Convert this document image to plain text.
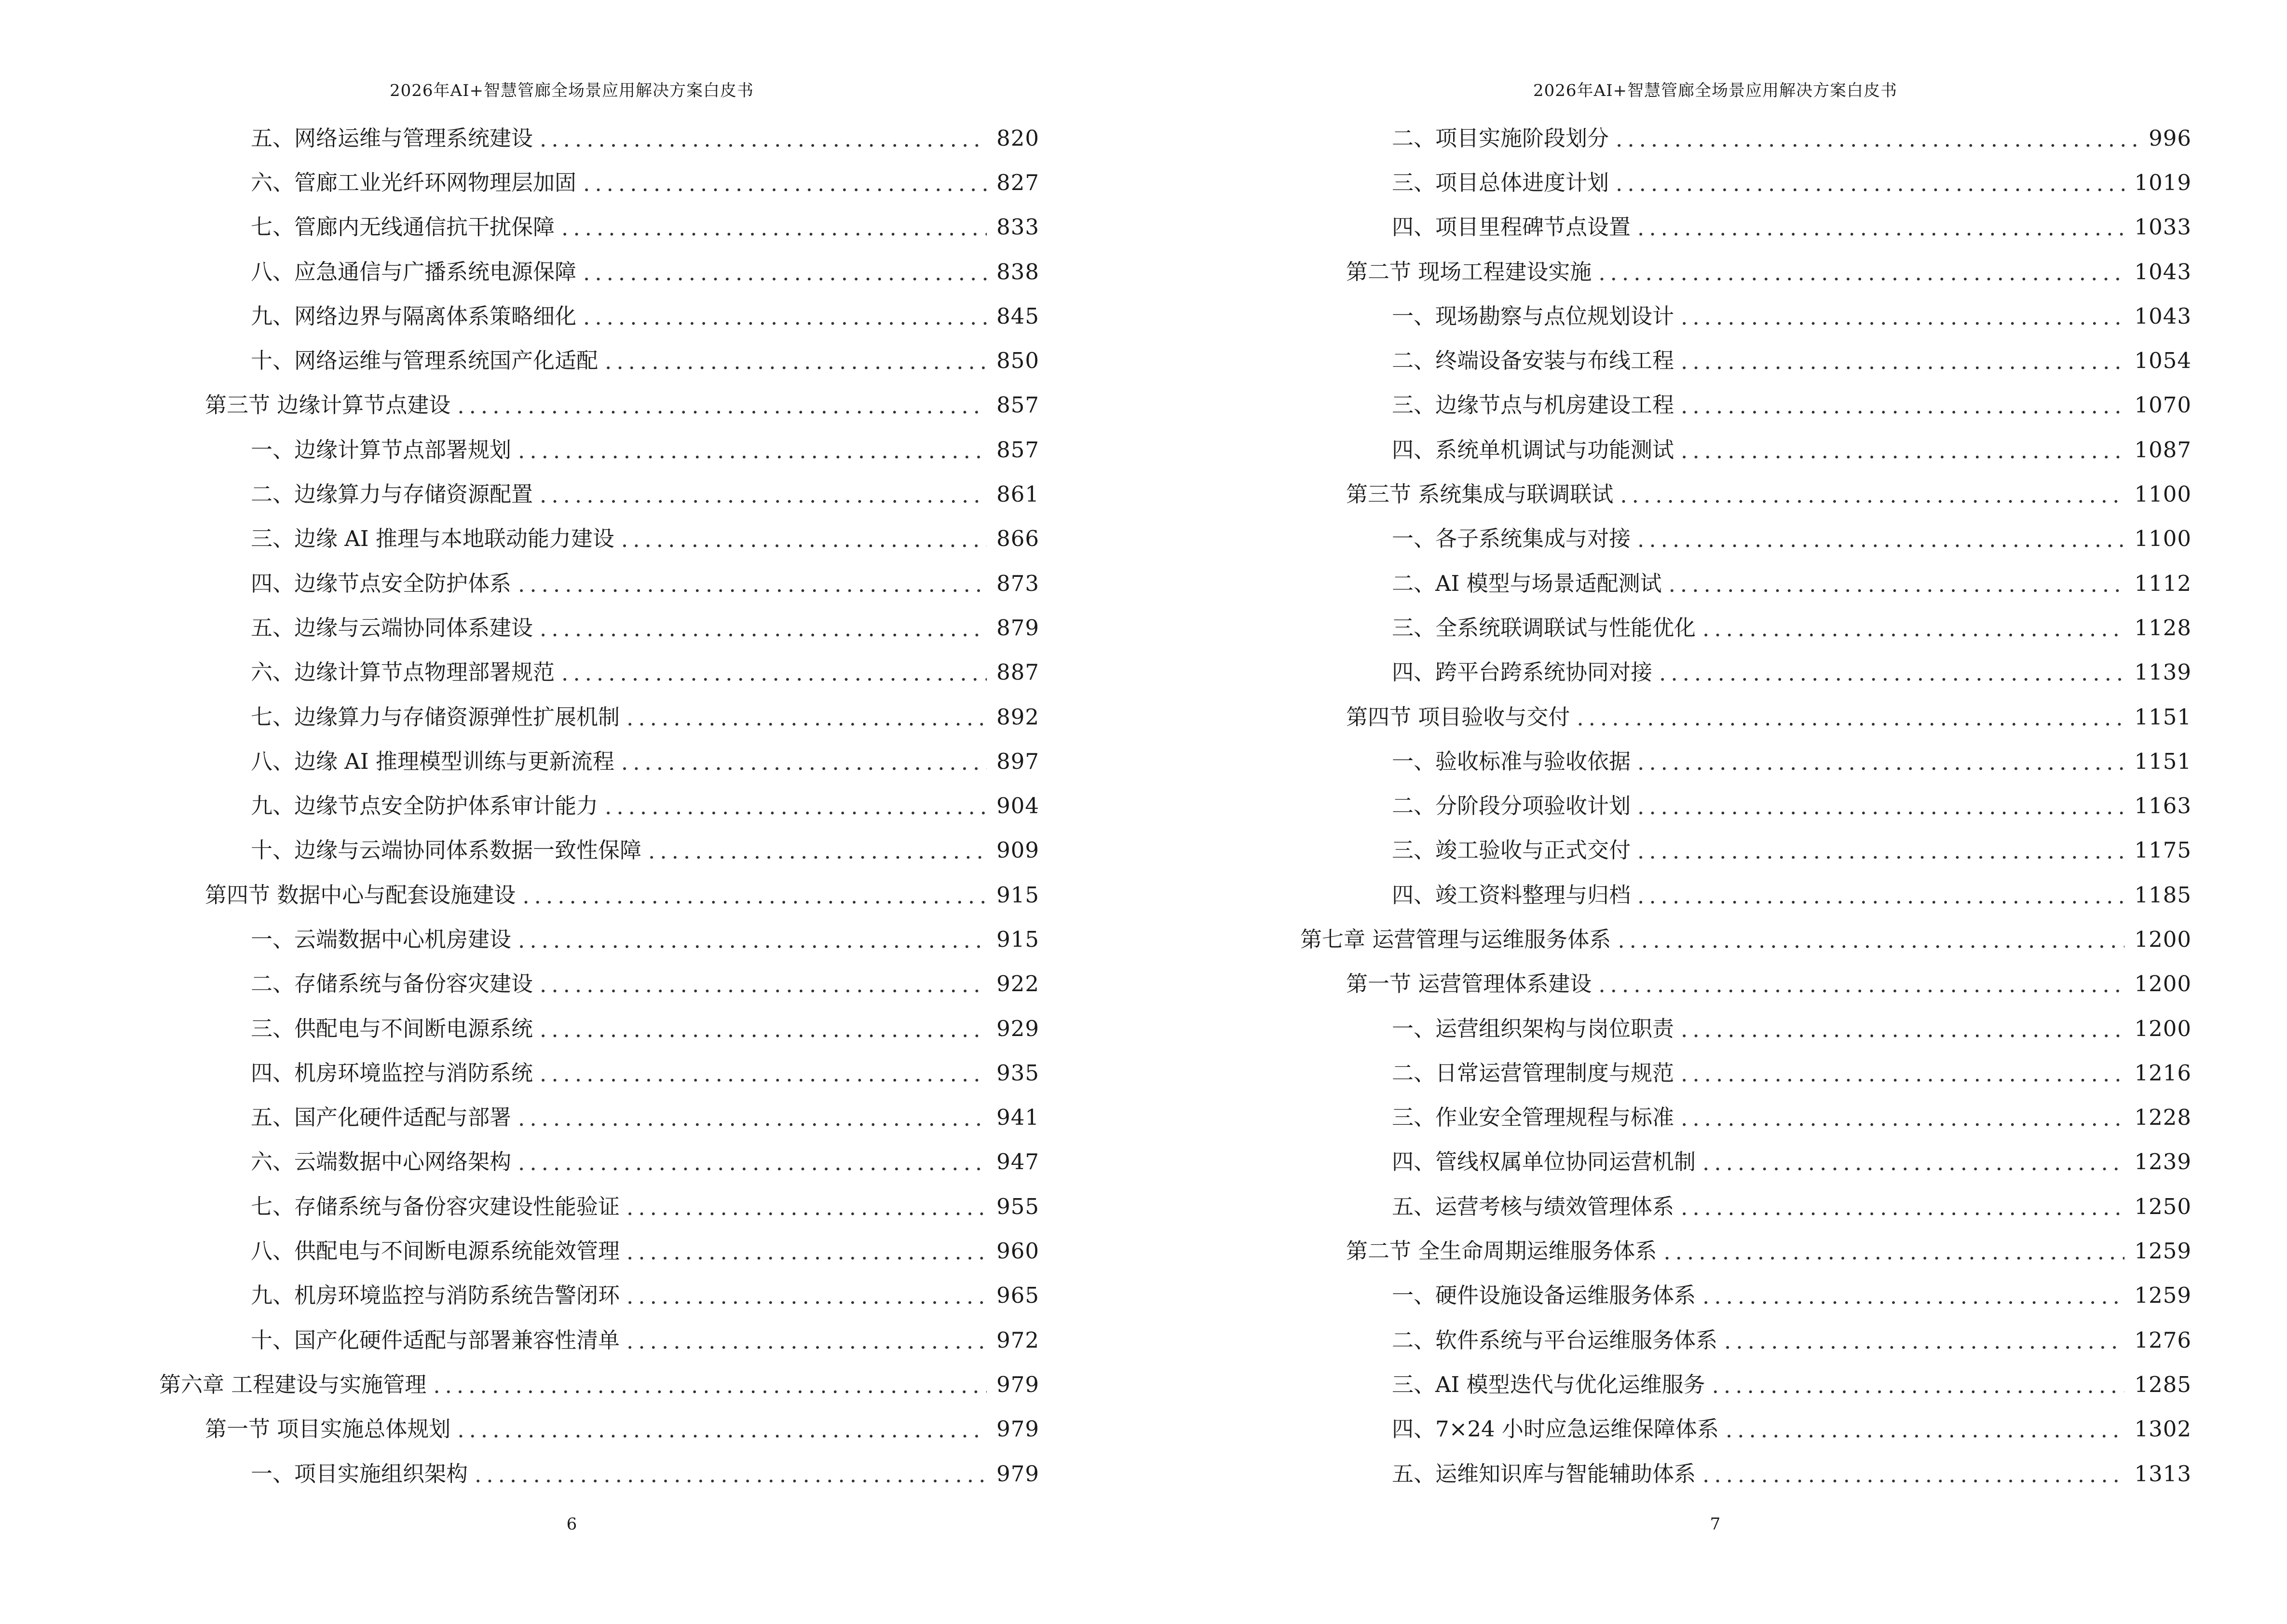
2026年AI+智慧管廊全场景应用解决方案白皮书
五、网络运维与管理系统建设 .....	820
六、管廊工业光纤环网物理层加固 .....	827
七、管廊内无线通信抗干扰保障 .....	833
八、应急通信与广播系统电源保障 .....	838
九、网络边界与隔离体系策略细化 .....	845
十、网络运维与管理系统国产化适配 .....	850
第三节 边缘计算节点建设 .....	857
一、边缘计算节点部署规划 .....	857
二、边缘算力与存储资源配置 .....	861
三、边缘 AI 推理与本地联动能力建设 .....	866
四、边缘节点安全防护体系 .....	873
五、边缘与云端协同体系建设 .....	879
六、边缘计算节点物理部署规范 .....	887
七、边缘算力与存储资源弹性扩展机制 .....	892
八、边缘 AI 推理模型训练与更新流程 .....	897
九、边缘节点安全防护体系审计能力 .....	904
十、边缘与云端协同体系数据一致性保障 .....	909
第四节 数据中心与配套设施建设 .....	915
一、云端数据中心机房建设 .....	915
二、存储系统与备份容灾建设 .....	922
三、供配电与不间断电源系统 .....	929
四、机房环境监控与消防系统 .....	935
五、国产化硬件适配与部署 .....	941
六、云端数据中心网络架构 .....	947
七、存储系统与备份容灾建设性能验证 .....	955
八、供配电与不间断电源系统能效管理 .....	960
九、机房环境监控与消防系统告警闭环 .....	965
十、国产化硬件适配与部署兼容性清单 .....	972
第六章 工程建设与实施管理 .....	979
第一节 项目实施总体规划 .....	979
一、项目实施组织架构 .....	979
6
2026年AI+智慧管廊全场景应用解决方案白皮书
二、项目实施阶段划分 .....	996
三、项目总体进度计划 .....	1019
四、项目里程碑节点设置 .....	1033
第二节 现场工程建设实施 .....	1043
一、现场勘察与点位规划设计 .....	1043
二、终端设备安装与布线工程 .....	1054
三、边缘节点与机房建设工程 .....	1070
四、系统单机调试与功能测试 .....	1087
第三节 系统集成与联调联试 .....	1100
一、各子系统集成与对接 .....	1100
二、AI 模型与场景适配测试 .....	1112
三、全系统联调联试与性能优化 .....	1128
四、跨平台跨系统协同对接 .....	1139
第四节 项目验收与交付 .....	1151
一、验收标准与验收依据 .....	1151
二、分阶段分项验收计划 .....	1163
三、竣工验收与正式交付 .....	1175
四、竣工资料整理与归档 .....	1185
第七章 运营管理与运维服务体系 .....	1200
第一节 运营管理体系建设 .....	1200
一、运营组织架构与岗位职责 .....	1200
二、日常运营管理制度与规范 .....	1216
三、作业安全管理规程与标准 .....	1228
四、管线权属单位协同运营机制 .....	1239
五、运营考核与绩效管理体系 .....	1250
第二节 全生命周期运维服务体系 .....	1259
一、硬件设施设备运维服务体系 .....	1259
二、软件系统与平台运维服务体系 .....	1276
三、AI 模型迭代与优化运维服务 .....	1285
四、7×24 小时应急运维保障体系 .....	1302
五、运维知识库与智能辅助体系 .....	1313
7
